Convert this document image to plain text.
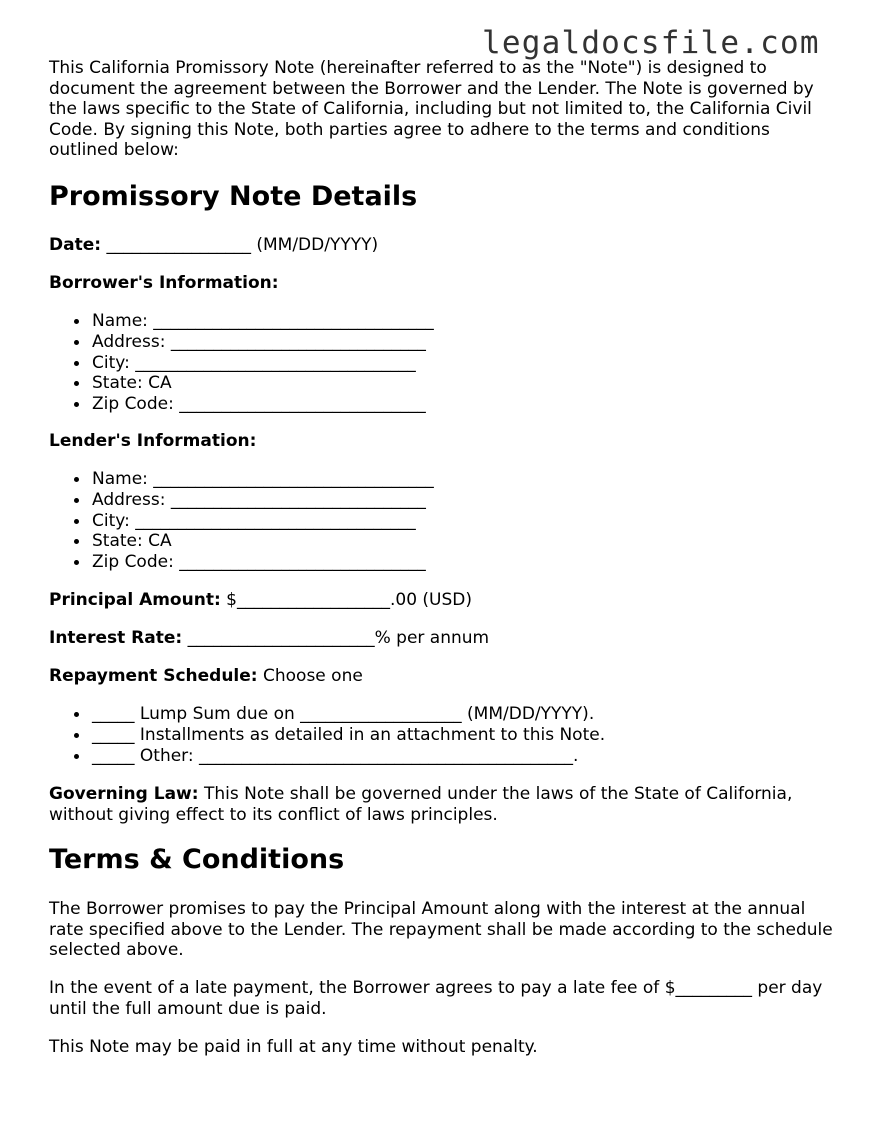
legaldocsfile.com

This California Promissory Note (hereinafter referred to as the "Note") is designed to document the agreement between the Borrower and the Lender. The Note is governed by the laws specific to the State of California, including but not limited to, the California Civil Code. By signing this Note, both parties agree to adhere to the terms and conditions outlined below:

Promissory Note Details

Date: _________________ (MM/DD/YYYY)

Borrower's Information:

Name: _________________________________
Address: ______________________________
City: _________________________________
State: CA
Zip Code: _____________________________

Lender's Information:

Name: _________________________________
Address: ______________________________
City: _________________________________
State: CA
Zip Code: _____________________________

Principal Amount: $__________________.00 (USD)

Interest Rate: ______________________% per annum

Repayment Schedule: Choose one

_____ Lump Sum due on ___________________ (MM/DD/YYYY).
_____ Installments as detailed in an attachment to this Note.
_____ Other: ____________________________________________.

Governing Law: This Note shall be governed under the laws of the State of California, without giving effect to its conflict of laws principles.

Terms & Conditions

The Borrower promises to pay the Principal Amount along with the interest at the annual rate specified above to the Lender. The repayment shall be made according to the schedule selected above.

In the event of a late payment, the Borrower agrees to pay a late fee of $_________ per day until the full amount due is paid.

This Note may be paid in full at any time without penalty.
